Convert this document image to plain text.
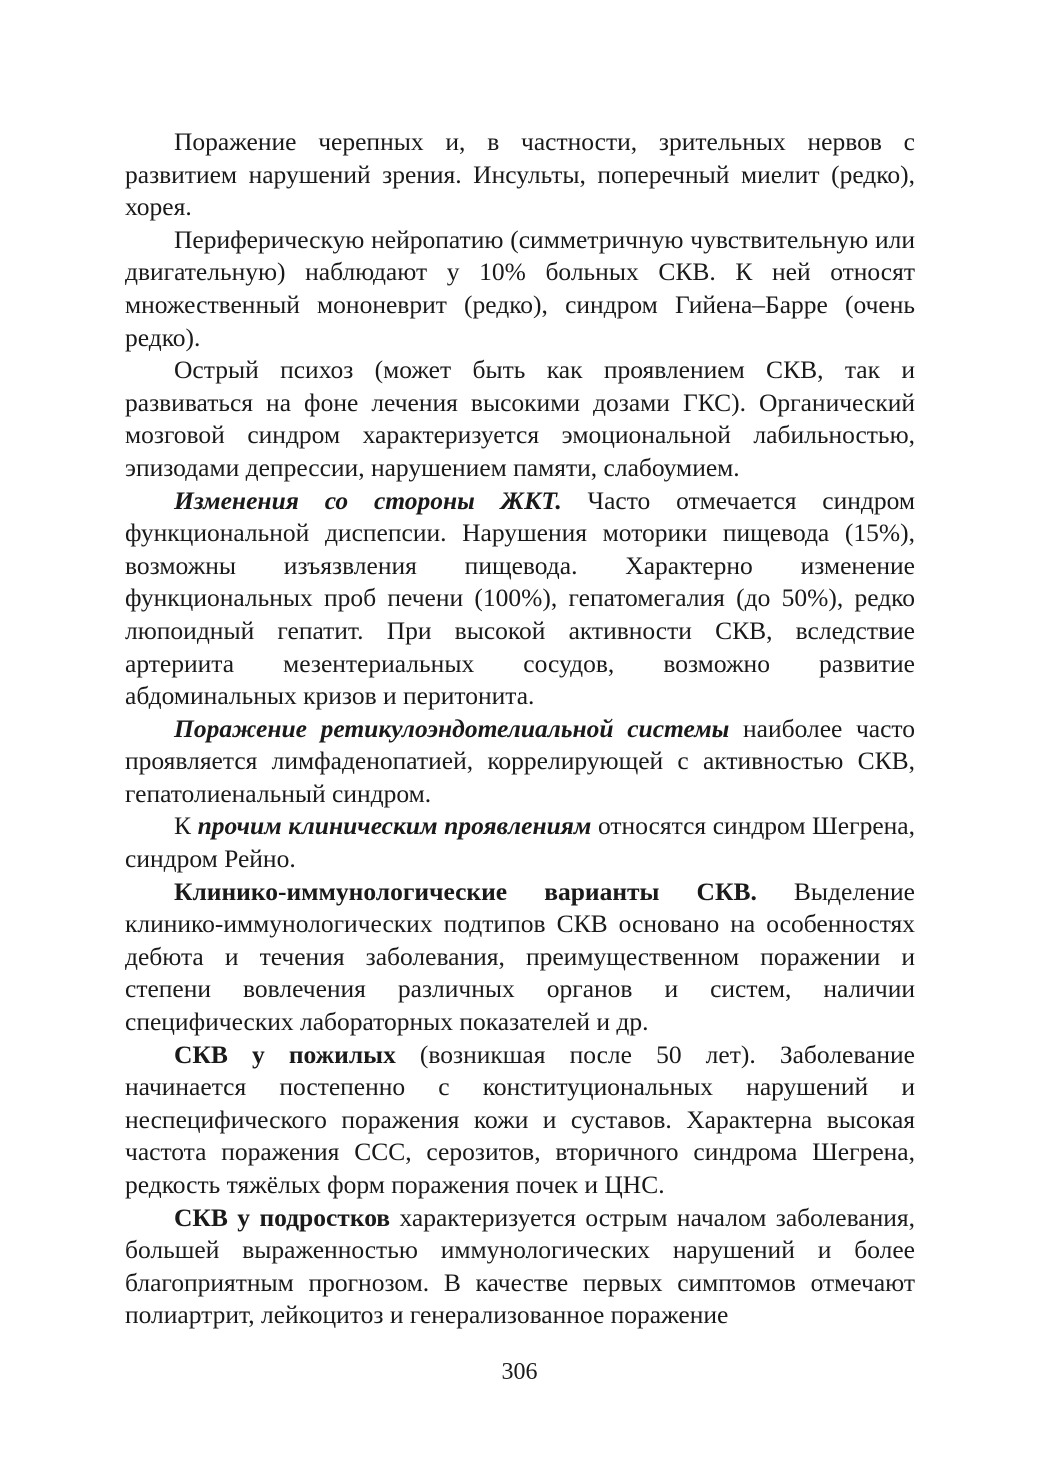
Поражение черепных и, в частности, зрительных нервов с развитием нарушений зрения. Инсульты, поперечный миелит (редко), хорея.

Периферическую нейропатию (симметричную чувствительную или двигательную) наблюдают у 10% больных СКВ. К ней относят множественный мононеврит (редко), синдром Гийена–Барре (очень редко).

Острый психоз (может быть как проявлением СКВ, так и развиваться на фоне лечения высокими дозами ГКС). Органический мозговой синдром характеризуется эмоциональной лабильностью, эпизодами депрессии, нарушением памяти, слабоумием.

Изменения со стороны ЖКТ. Часто отмечается синдром функциональной диспепсии. Нарушения моторики пищевода (15%), возможны изъязвления пищевода. Характерно изменение функциональных проб печени (100%), гепатомегалия (до 50%), редко люпоидный гепатит. При высокой активности СКВ, вследствие артериита мезентериальных сосудов, возможно развитие абдоминальных кризов и перитонита.

Поражение ретикулоэндотелиальной системы наиболее часто проявляется лимфаденопатией, коррелирующей с активностью СКВ, гепатолиенальный синдром.

К прочим клиническим проявлениям относятся синдром Шегрена, синдром Рейно.

Клинико-иммунологические варианты СКВ. Выделение клинико-иммунологических подтипов СКВ основано на особенностях дебюта и течения заболевания, преимущественном поражении и степени вовлечения различных органов и систем, наличии специфических лабораторных показателей и др.

СКВ у пожилых (возникшая после 50 лет). Заболевание начинается постепенно с конституциональных нарушений и неспецифического поражения кожи и суставов. Характерна высокая частота поражения ССС, серозитов, вторичного синдрома Шегрена, редкость тяжёлых форм поражения почек и ЦНС.

СКВ у подростков характеризуется острым началом заболевания, большей выраженностью иммунологических нарушений и более благоприятным прогнозом. В качестве первых симптомов отмечают полиартрит, лейкоцитоз и генерализованное поражение

306
